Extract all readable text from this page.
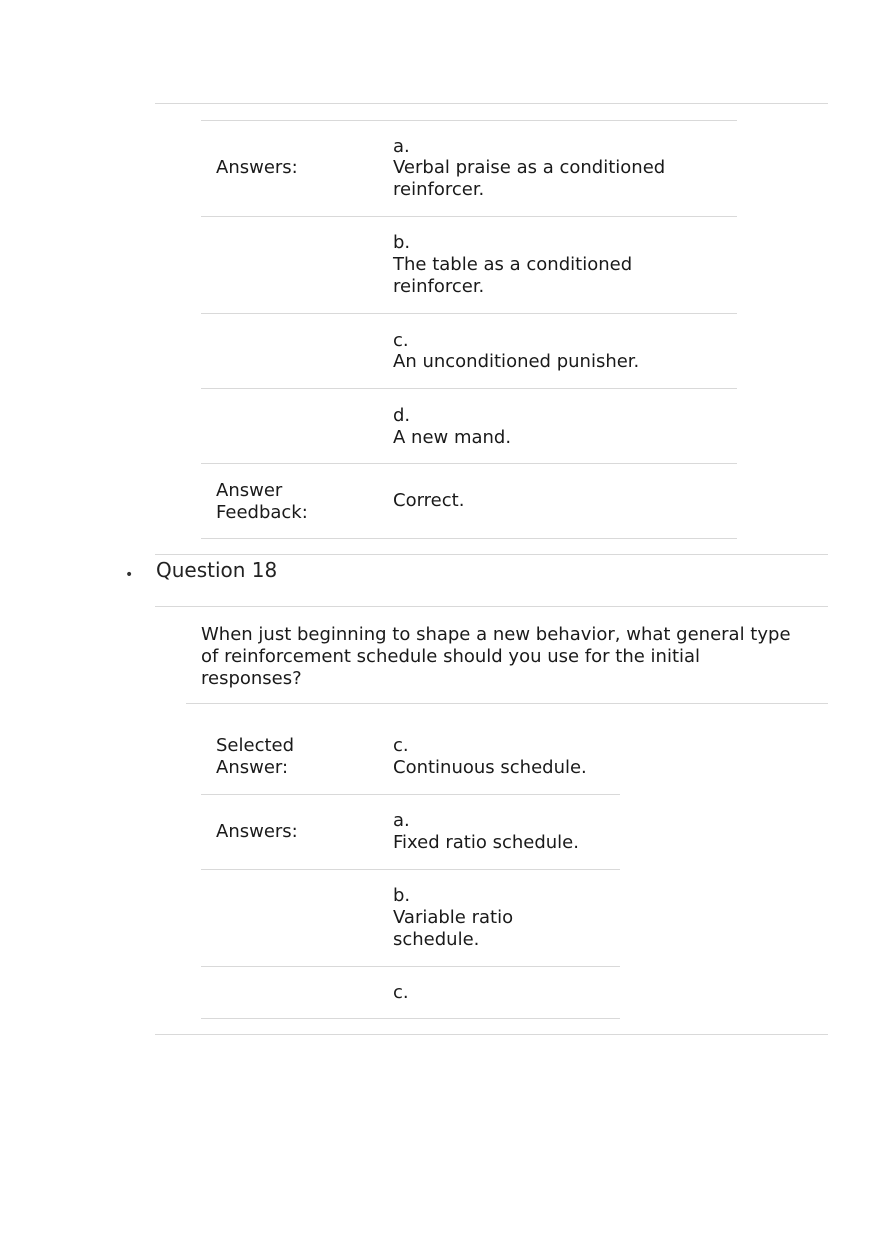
Answers:
a.
Verbal praise as a conditioned reinforcer.
b.
The table as a conditioned reinforcer.
c.
An unconditioned punisher.
d.
A new mand.
Answer Feedback:
Correct.
• Question 18
When just beginning to shape a new behavior, what general type of reinforcement schedule should you use for the initial responses?
Selected Answer:
c.
Continuous schedule.
Answers:
a.
Fixed ratio schedule.
b.
Variable ratio schedule.
c.
